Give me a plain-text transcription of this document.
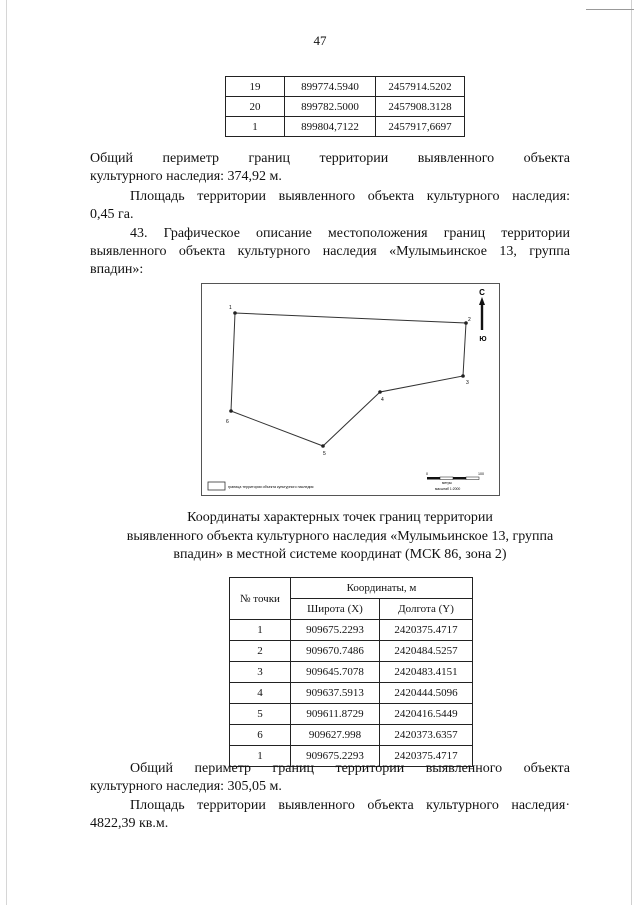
47
19	899774.5940	2457914.5202
20	899782.5000	2457908.3128
1	899804,7122	2457917,6697
Общий периметр границ территории выявленного объекта
культурного наследия: 374,92 м.
Площадь территории выявленного объекта культурного наследия:
0,45 га.
43. Графическое описание местоположения границ территории
выявленного объекта культурного наследия «Мулымьинское 13, группа
впадин»:
1
2
3
4
5
6
С
Ю
граница территории объекта культурного наследия
0	100
метры
масштаб 1:2000
Координаты характерных точек границ территории
выявленного объекта культурного наследия «Мулымьинское 13, группа
впадин» в местной системе координат (МСК 86, зона 2)
№ точки	Координаты, м	
	Широта (X)	Долгота (Y)
1	909675.2293	2420375.4717
2	909670.7486	2420484.5257
3	909645.7078	2420483.4151
4	909637.5913	2420444.5096
5	909611.8729	2420416.5449
6	909627.998	2420373.6357
1	909675.2293	2420375.4717
Общий периметр границ территории выявленного объекта
культурного наследия: 305,05 м.
Площадь территории выявленного объекта культурного наследия·
4822,39 кв.м.
